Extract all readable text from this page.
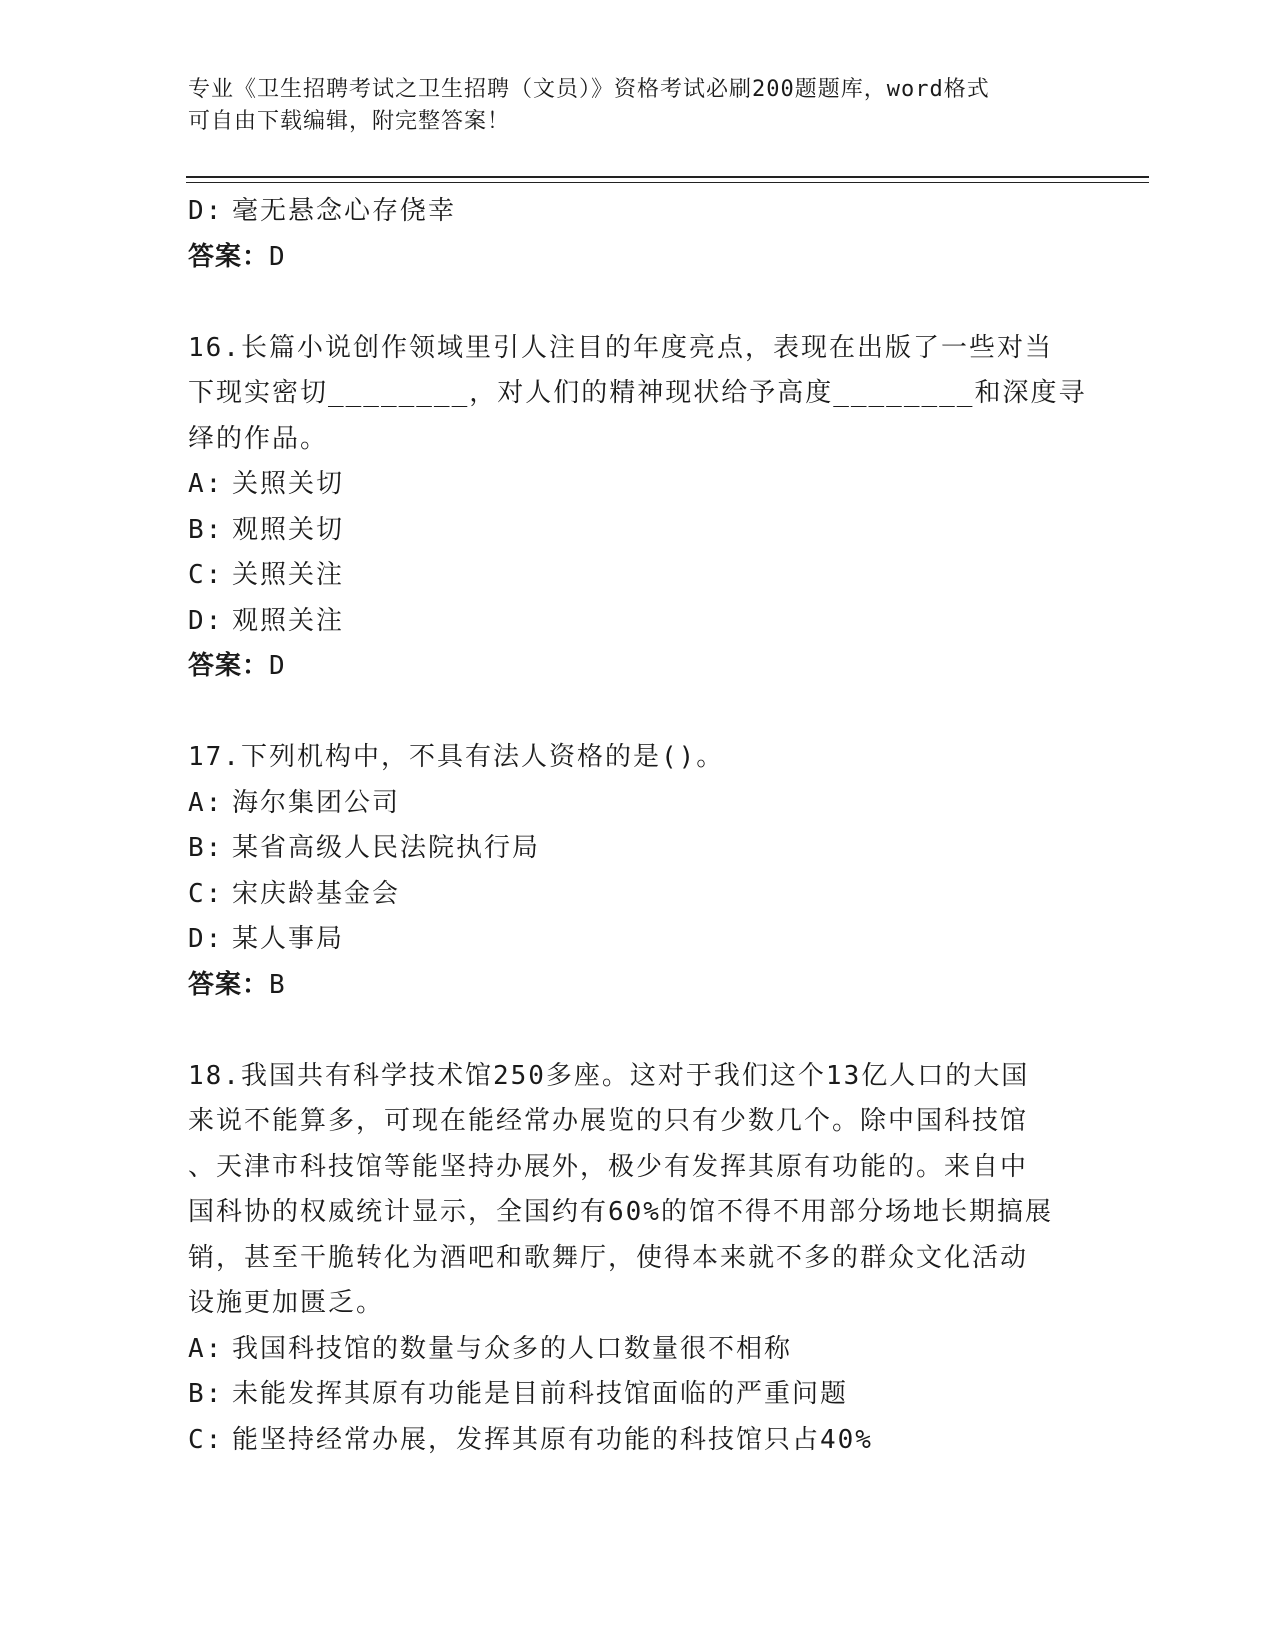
专业《卫生招聘考试之卫生招聘（文员）》资格考试必刷200题题库，word格式
可自由下载编辑，附完整答案！
D: 毫无悬念心存侥幸
答案：D
16.长篇小说创作领域里引人注目的年度亮点，表现在出版了一些对当
下现实密切________，对人们的精神现状给予高度________和深度寻
绎的作品。
A: 关照关切
B: 观照关切
C: 关照关注
D: 观照关注
答案：D
17.下列机构中，不具有法人资格的是()。
A: 海尔集团公司
B: 某省高级人民法院执行局
C: 宋庆龄基金会
D: 某人事局
答案：B
18.我国共有科学技术馆250多座。这对于我们这个13亿人口的大国
来说不能算多，可现在能经常办展览的只有少数几个。除中国科技馆
、天津市科技馆等能坚持办展外，极少有发挥其原有功能的。来自中
国科协的权威统计显示，全国约有60%的馆不得不用部分场地长期搞展
销，甚至干脆转化为酒吧和歌舞厅，使得本来就不多的群众文化活动
设施更加匮乏。
A: 我国科技馆的数量与众多的人口数量很不相称
B: 未能发挥其原有功能是目前科技馆面临的严重问题
C: 能坚持经常办展，发挥其原有功能的科技馆只占40%
